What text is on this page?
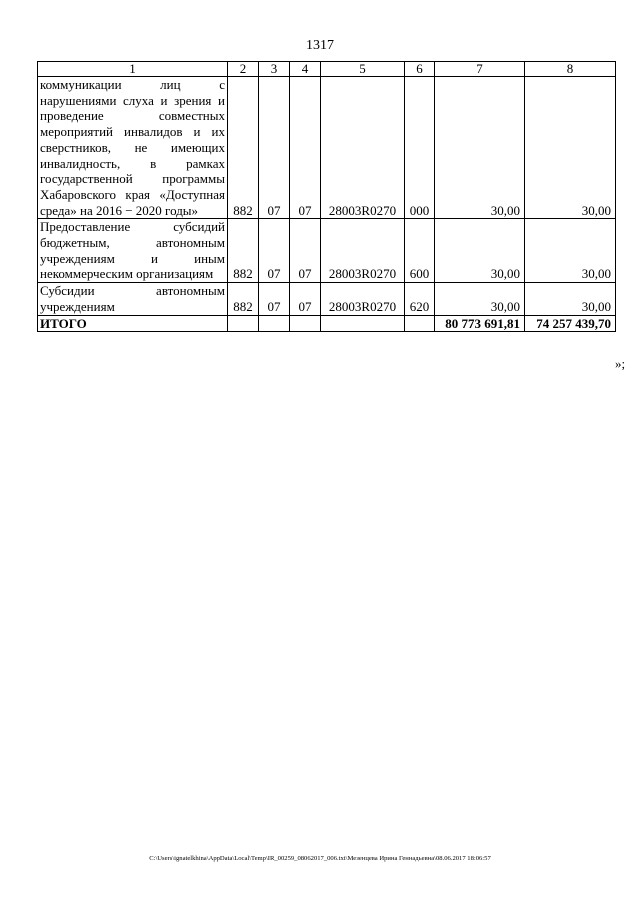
1317
1	2	3	4	5	6	7	8
коммуникации лиц с нарушениями слуха и зрения и проведение совместных мероприятий инвалидов и их сверстников, не имеющих инвалидность, в рамках государственной программы Хабаровского края «Доступная среда» на 2016 − 2020 годы»	882	07	07	28003R0270	000	30,00	30,00
Предоставление субсидий бюджетным, автономным учреждениям и иным некоммерческим организациям	882	07	07	28003R0270	600	30,00	30,00
Субсидии автономным учреждениям	882	07	07	28003R0270	620	30,00	30,00
ИТОГО						80 773 691,81	74 257 439,70
»;
C:\Users\ignatelkhina\AppData\Local\Temp\IR_00259_08062017_006.txt\Мезенцева Ирина Геннадьевна\08.06.2017 18:06:57
